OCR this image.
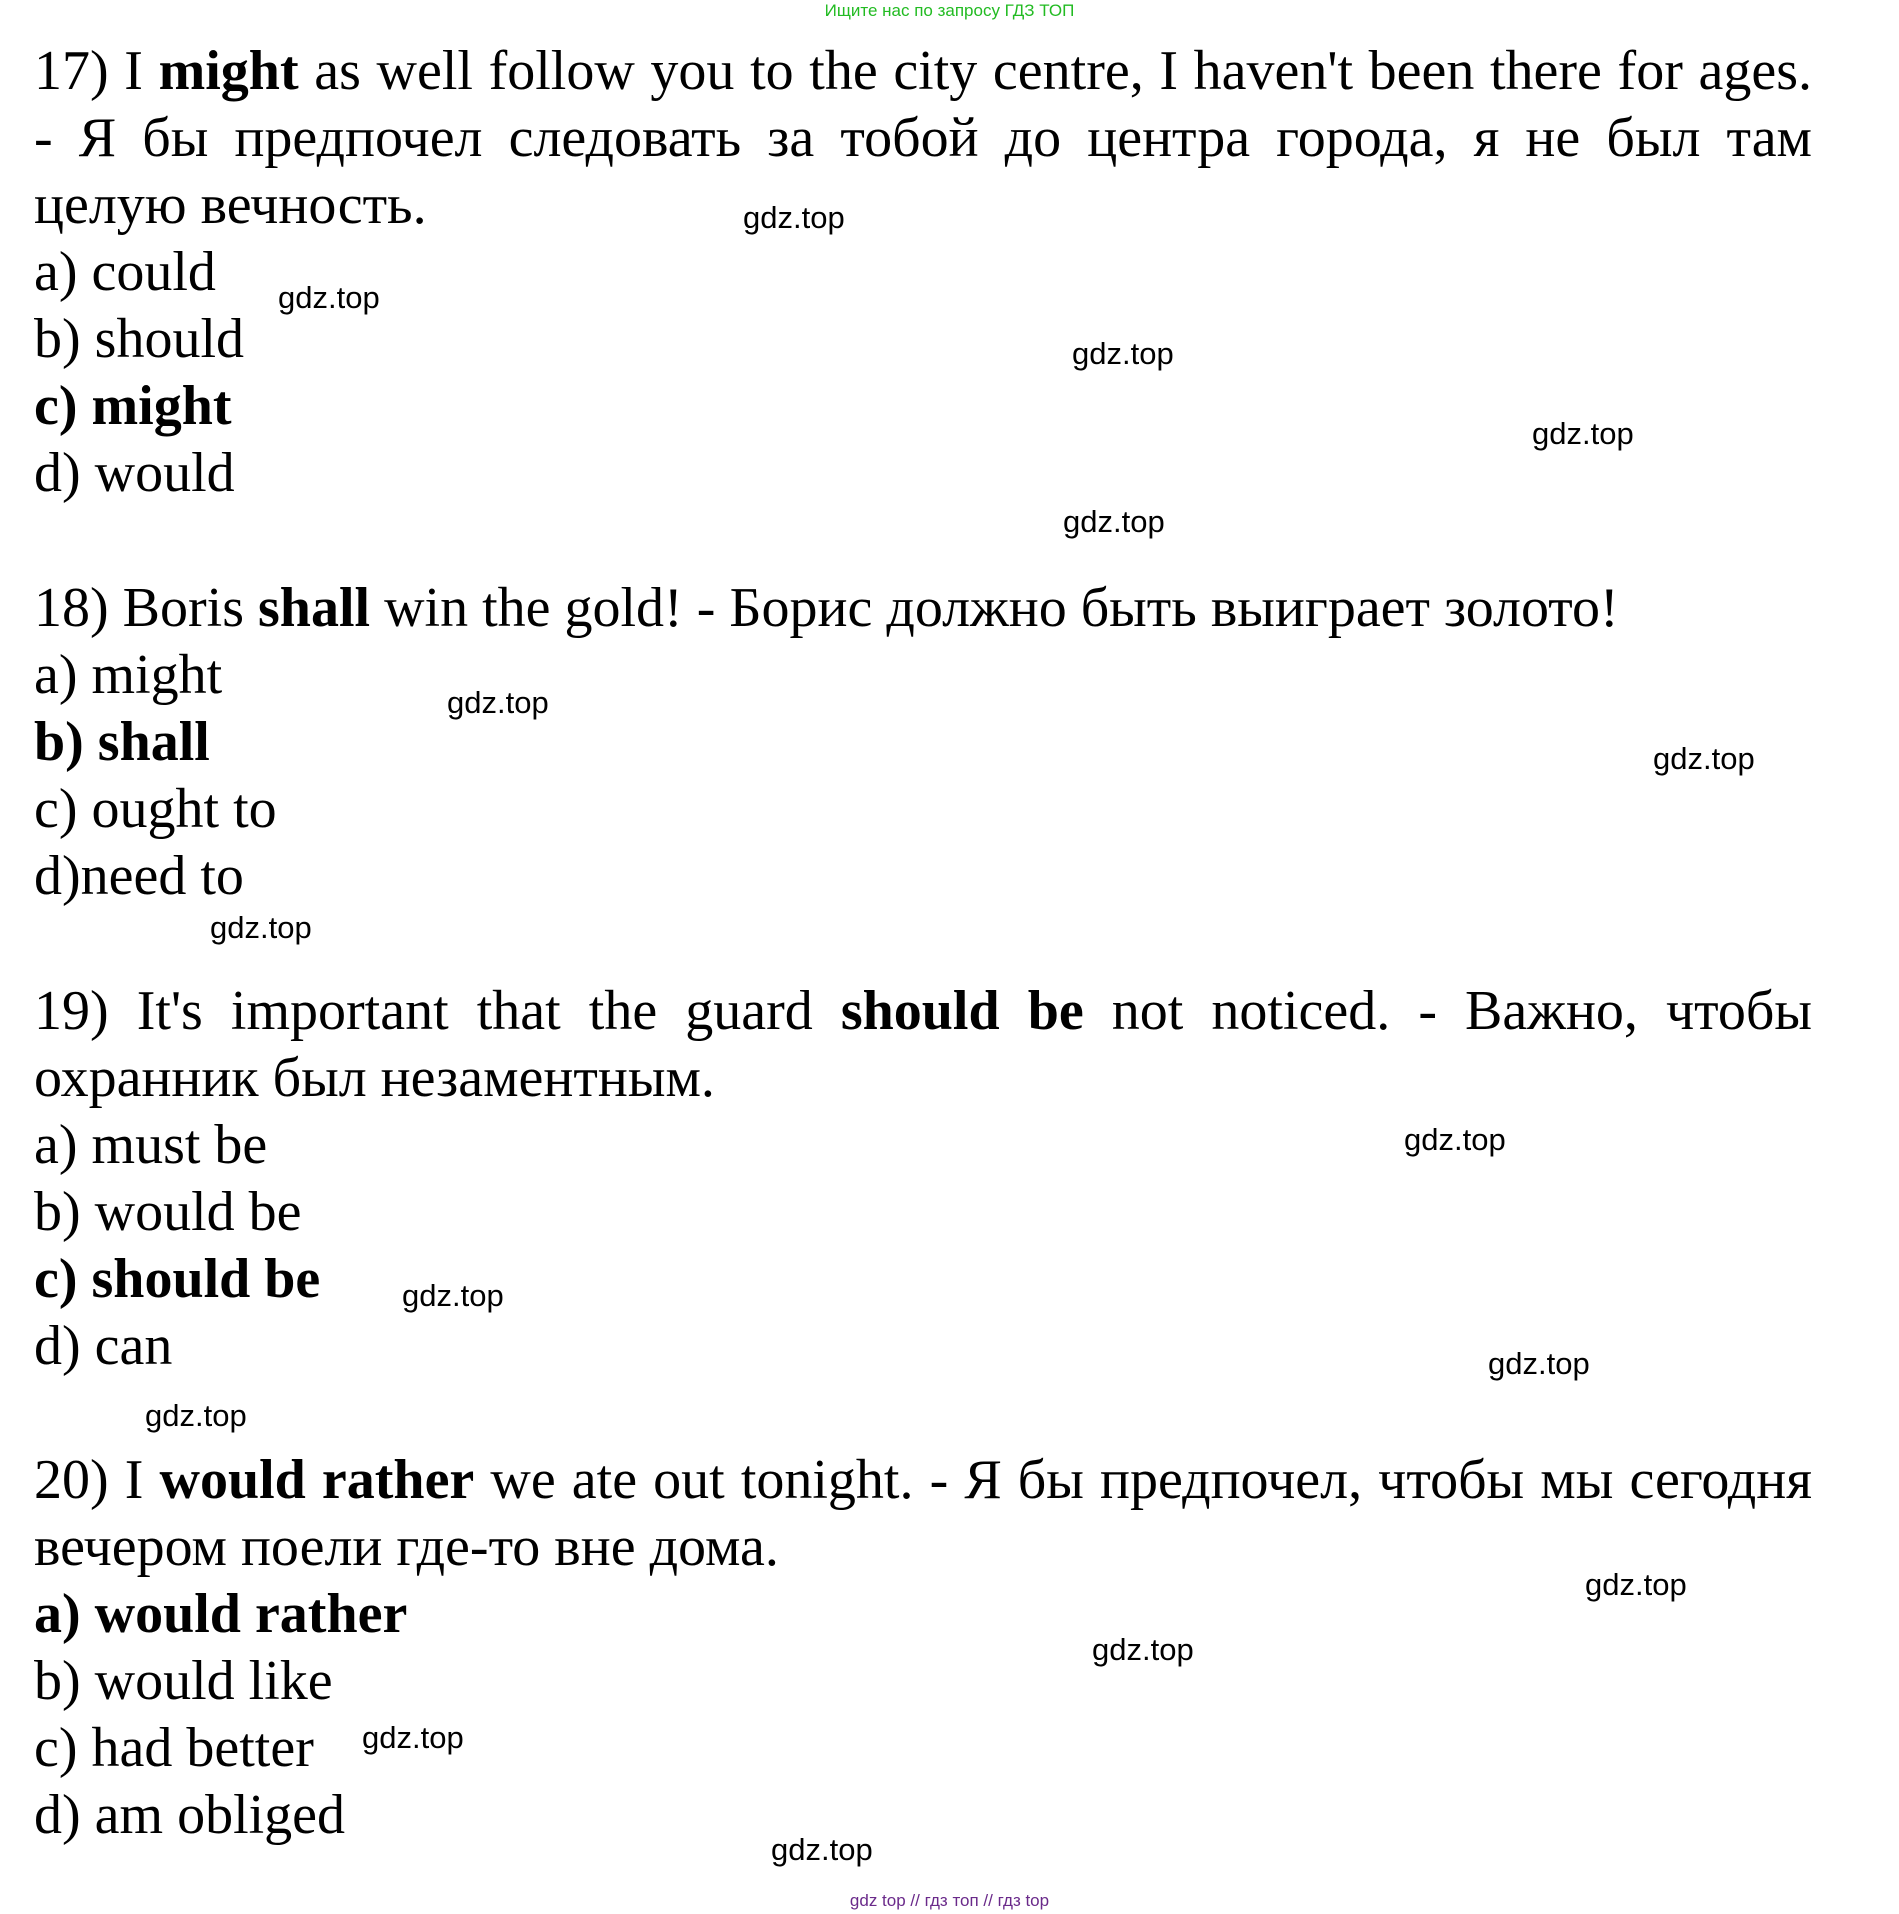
Ищите нас по запросу ГДЗ ТОП

17) I might as well follow you to the city centre, I haven't been there for ages. - Я бы предпочел следовать за тобой до центра города, я не был там целую вечность.

a) could

b) should

c) might

d) would

18) Boris shall win the gold! - Борис должно быть выиграет золото!

a) might

b) shall

c) ought to

d)need to

19) It's important that the guard should be not noticed. - Важно, чтобы охранник был незаментным.

a) must be

b) would be

c) should be

d) can

20) I would rather we ate out tonight. - Я бы предпочел, чтобы мы сегодня вечером поели где-то вне дома.

a) would rather

b) would like

c) had better

d) am obliged

gdz.top
gdz.top
gdz.top
gdz.top
gdz.top
gdz.top
gdz.top
gdz.top
gdz.top
gdz.top
gdz.top
gdz.top
gdz.top
gdz.top
gdz.top
gdz.top
gdz top // гдз топ // гдз top
